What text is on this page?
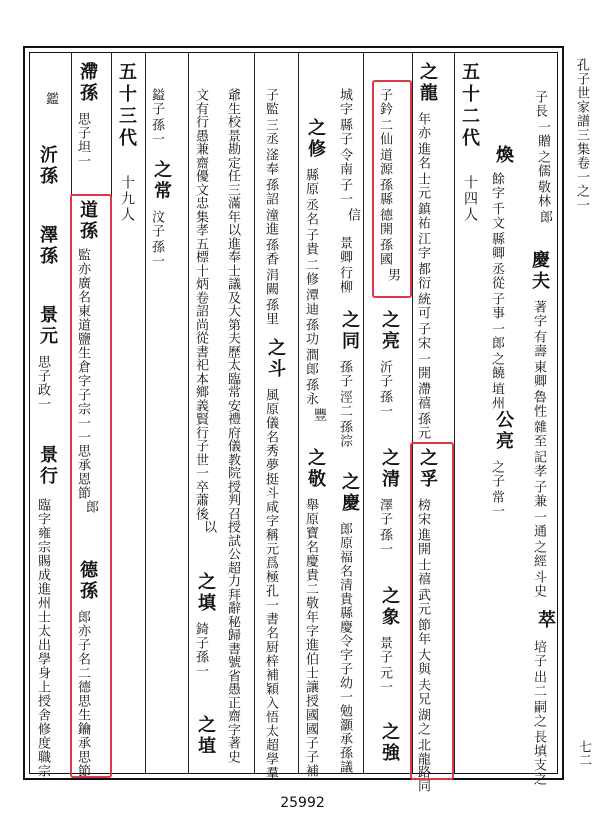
孔子世家譜三集卷一之一
七二
子長
一贈
之儒
敬林
郎
慶夫
著字
有壽
東卿
魯性
雜至
記孝
子兼
一通
之經
斗史
萃
培子
出二
嗣之
長填
支之
煥
餘字
千文
縣卿
丞從
子事
一郎
之饒
埴州
公亮
之子
常一
五十二代
十四人
之龍
年亦
進名
士元
鎮祐
江字
都衍
統可
子宋
一開
滯禧
孫元
之孚
榜宋
進開
士禧
武元
節年
大與
夫兄
湖之
北龍
路同
子鈐
二仙
道源
孫縣
德開
孫國
男
之亮
沂子
孫一
之清
澤子
孫一
之象
景子
元一
之強
城字
縣子
令南
子一
信
景卿
行柳
之同
孫子
涇二
孫淙
之慶
郎原
福名
清貴
縣慶
令字
子幼
一勉
灝承
孫議
之修
縣原
丞名
子貴
二修
潭迪
孫功
澗郎
孫永
豐
之敬
舉原
寶名
慶貴
二敬
年字
進伯
士讓
授國
國子
子補
子監
三丞
滏奉
孫詔
潼進
孫香
涓闕
孫里
之斗
風原
儀名
秀夢
挺斗
咸字
稱元
爲極
孔一
書名
厨梓
補穎
入悟
太超
學羣
爺生
校景
勘定
任三
滿年
以進
奉士
議及
大第
夫歷
太臨
常安
禮府
儀教
院授
判召
授試
公超
力拜
辭秘
歸書
號省
愚正
齋字
著史
文有
行愚
兼齋
優文
忠集
孝五
標十
炳卷
詔尚
從書
祀本
鄉義
賢行
子世
一卒
蕭後
以
之填
錡子
孫一
之埴
鎰子
孫一
之常
汶子
孫一
五十三代
十九人
滯孫
思子
坦一
道孫
監亦
廣名
東道
鹽生
倉字
子宗
一一
思承
恩節
郎
德孫
郎亦
子名
二德
思生
鑰承
思節
鑑
沂孫
澤孫
景元
思子
政一
景行
臨字
雍宗
賜成
進州
士太
出學
身上
授舍
修度
職宗
25992
